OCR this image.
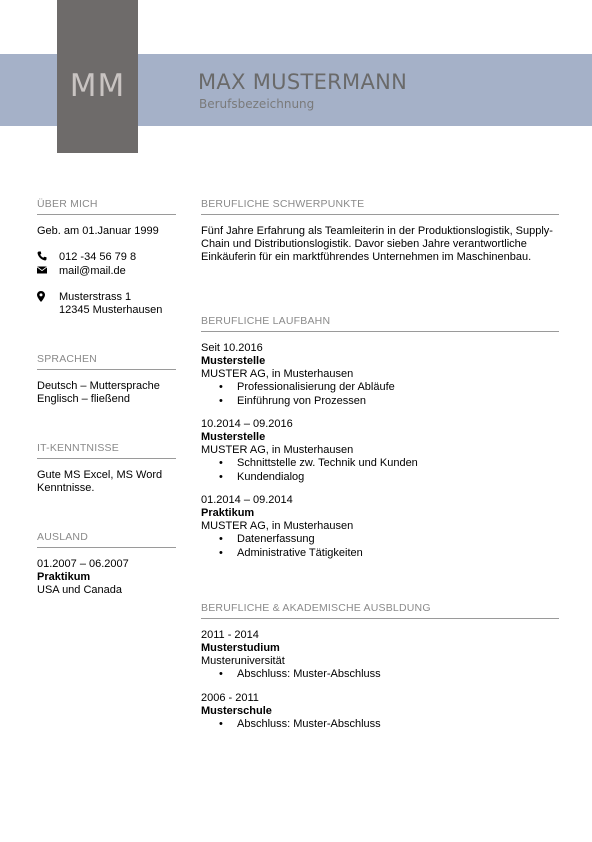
MM	MAX MUSTERMANN
Berufsbezeichnung
ÜBER MICH
Geb. am 01.Januar 1999
012 -34 56 79 8
mail@mail.de
Musterstrass 1
12345 Musterhausen
SPRACHEN
Deutsch – Muttersprache
Englisch – fließend
IT-KENNTNISSE
Gute MS Excel, MS Word
Kenntnisse.
AUSLAND
01.2007 – 06.2007
Praktikum
USA und Canada
BERUFLICHE SCHWERPUNKTE
Fünf Jahre Erfahrung als Teamleiterin in der Produktionslogistik, Supply-Chain und Distributionslogistik. Davor sieben Jahre verantwortliche Einkäuferin für ein marktführendes Unternehmen im Maschinenbau.
BERUFLICHE LAUFBAHN
Seit 10.2016
Musterstelle
MUSTER AG, in Musterhausen
• Professionalisierung der Abläufe
• Einführung von Prozessen
10.2014 – 09.2016
Musterstelle
MUSTER AG, in Musterhausen
• Schnittstelle zw. Technik und Kunden
• Kundendialog
01.2014 – 09.2014
Praktikum
MUSTER AG, in Musterhausen
• Datenerfassung
• Administrative Tätigkeiten
BERUFLICHE & AKADEMISCHE AUSBLDUNG
2011 - 2014
Musterstudium
Musteruniversität
• Abschluss: Muster-Abschluss
2006 - 2011
Musterschule
• Abschluss: Muster-Abschluss
